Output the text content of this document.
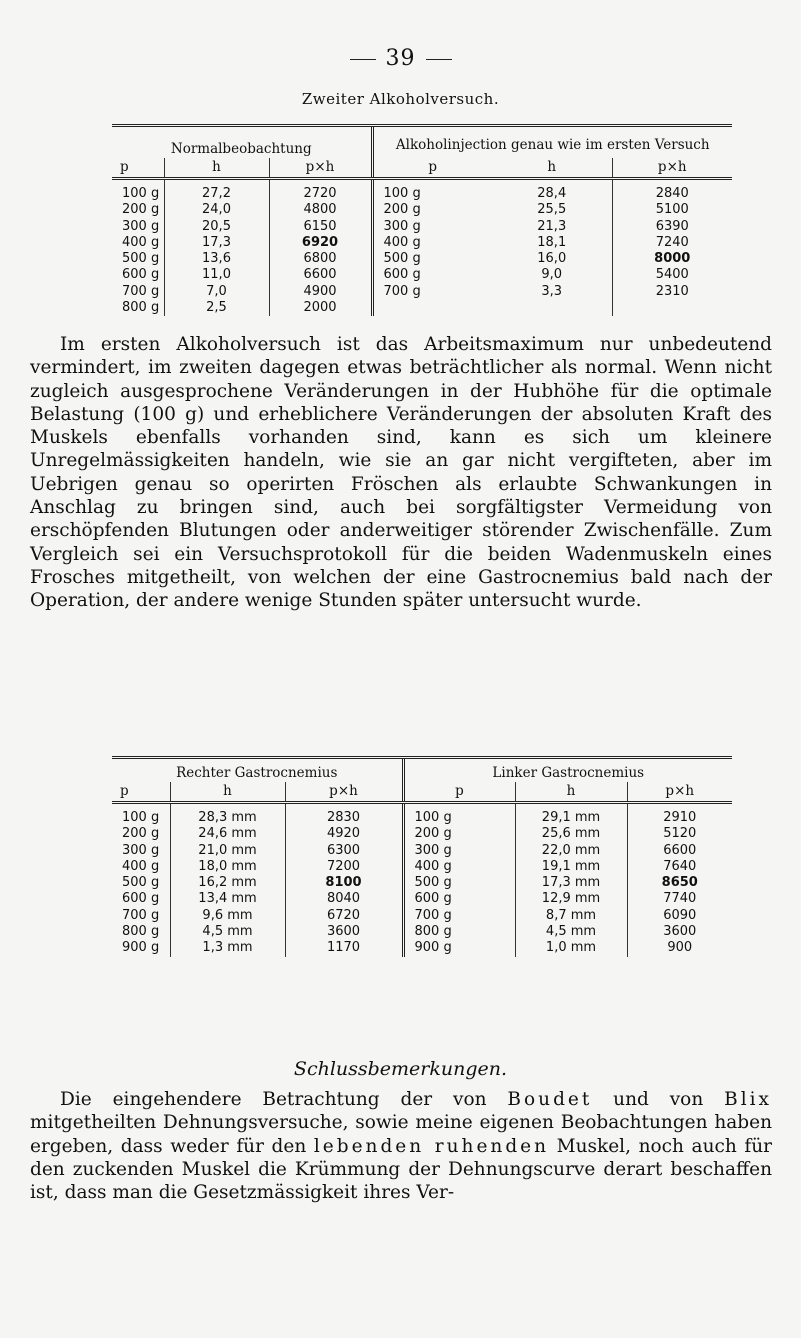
39
Zweiter Alkoholversuch.
Normalbeobachtung			Alkoholinjection genau wie im ersten Versuch		
p	h	p×h	p	h	p×h
100 g	27,2	2720	100 g	28,4	2840
200 g	24,0	4800	200 g	25,5	5100
300 g	20,5	6150	300 g	21,3	6390
400 g	17,3	6920	400 g	18,1	7240
500 g	13,6	6800	500 g	16,0	8000
600 g	11,0	6600	600 g	9,0	5400
700 g	7,0	4900	700 g	3,3	2310
800 g	2,5	2000			

Im ersten Alkoholversuch ist das Arbeitsmaximum nur unbedeutend vermindert, im zweiten dagegen etwas beträchtlicher als normal. Wenn nicht zugleich ausgesprochene Veränderungen in der Hubhöhe für die optimale Belastung (100 g) und erheblichere Veränderungen der absoluten Kraft des Muskels ebenfalls vorhanden sind, kann es sich um kleinere Unregelmässigkeiten handeln, wie sie an gar nicht vergifteten, aber im Uebrigen genau so operirten Fröschen als erlaubte Schwankungen in Anschlag zu bringen sind, auch bei sorgfältigster Vermeidung von erschöpfenden Blutungen oder anderweitiger störender Zwischenfälle. Zum Vergleich sei ein Versuchsprotokoll für die beiden Wadenmuskeln eines Frosches mitgetheilt, von welchen der eine Gastrocnemius bald nach der Operation, der andere wenige Stunden später untersucht wurde.

Rechter Gastrocnemius			Linker Gastrocnemius		
p	h	p×h	p	h	p×h
100 g	28,3 mm	2830	100 g	29,1 mm	2910
200 g	24,6 mm	4920	200 g	25,6 mm	5120
300 g	21,0 mm	6300	300 g	22,0 mm	6600
400 g	18,0 mm	7200	400 g	19,1 mm	7640
500 g	16,2 mm	8100	500 g	17,3 mm	8650
600 g	13,4 mm	8040	600 g	12,9 mm	7740
700 g	9,6 mm	6720	700 g	8,7 mm	6090
800 g	4,5 mm	3600	800 g	4,5 mm	3600
900 g	1,3 mm	1170	900 g	1,0 mm	900
Schlussbemerkungen.

Die eingehendere Betrachtung der von Boudet und von Blix mitgetheilten Dehnungsversuche, sowie meine eigenen Beobachtungen haben ergeben, dass weder für den lebenden ruhenden Muskel, noch auch für den zuckenden Muskel die Krümmung der Dehnungscurve derart beschaffen ist, dass man die Gesetzmässigkeit ihres Ver-
